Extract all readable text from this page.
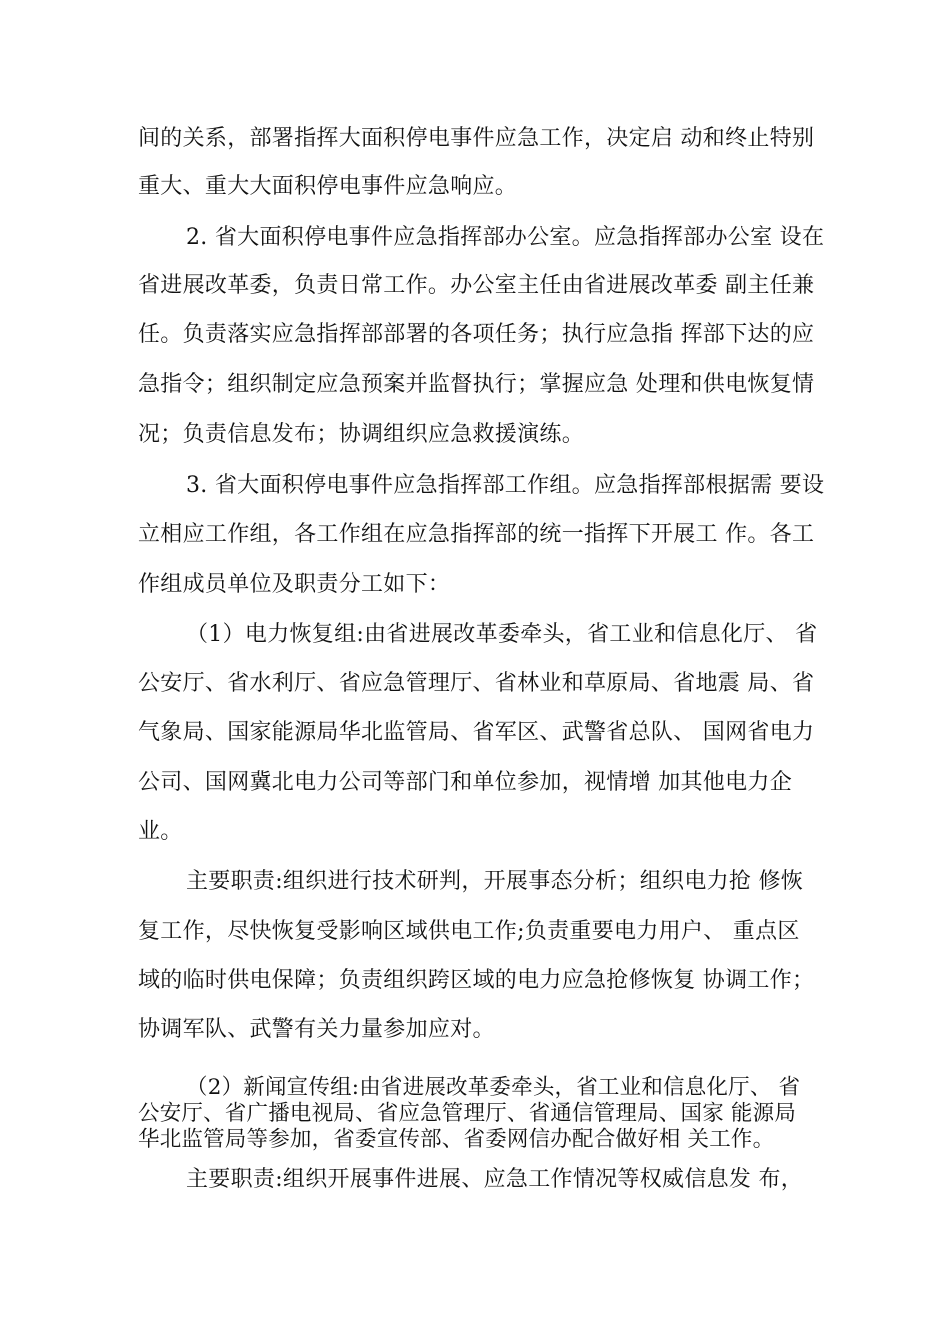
间的关系，部署指挥大面积停电事件应急工作，决定启 动和终止特别
重大、重大大面积停电事件应急响应。
2. 省大面积停电事件应急指挥部办公室。应急指挥部办公室 设在
省进展改革委，负责日常工作。办公室主任由省进展改革委 副主任兼
任。负责落实应急指挥部部署的各项任务；执行应急指 挥部下达的应
急指令；组织制定应急预案并监督执行；掌握应急 处理和供电恢复情
况；负责信息发布；协调组织应急救援演练。
3. 省大面积停电事件应急指挥部工作组。应急指挥部根据需 要设
立相应工作组，各工作组在应急指挥部的统一指挥下开展工 作。各工
作组成员单位及职责分工如下：
（1）电力恢复组:由省进展改革委牵头，省工业和信息化厅、 省
公安厅、省水利厅、省应急管理厅、省林业和草原局、省地震 局、省
气象局、国家能源局华北监管局、省军区、武警省总队、 国网省电力
公司、国网冀北电力公司等部门和单位参加，视情增 加其他电力企
业。
主要职责:组织进行技术研判，开展事态分析；组织电力抢 修恢
复工作，尽快恢复受影响区域供电工作;负责重要电力用户、 重点区
域的临时供电保障；负责组织跨区域的电力应急抢修恢复 协调工作；
协调军队、武警有关力量参加应对。
（2）新闻宣传组:由省进展改革委牵头，省工业和信息化厅、 省
公安厅、省广播电视局、省应急管理厅、省通信管理局、国家 能源局
华北监管局等参加，省委宣传部、省委网信办配合做好相 关工作。
主要职责:组织开展事件进展、应急工作情况等权威信息发 布，
